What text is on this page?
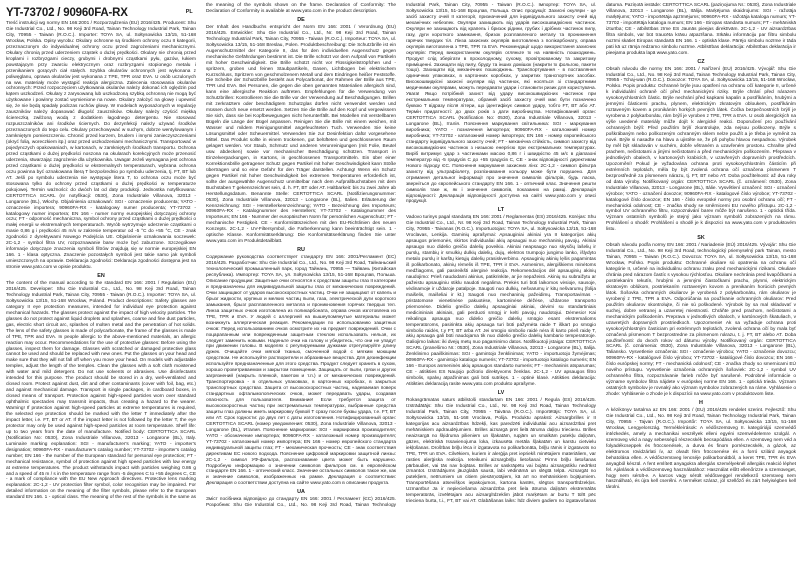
YT-73702 / 90960FA-RX	PL

Treść instrukcji wg normy EN 166:2001 / Rozporządzenia (EU) 2016/425. Producent: Shu Gie Industrial Co., Ltd., No. 98 Keji 3rd Road, Tainan Technology Industrial Park, Tainan City, 70955 - Taiwan (R.O.C.). Importer: TOYA SA, ul. Sołtysowicka 13/15, 51-168 Wrocław, Polska. Opisy wyrobu: Okulary ochronne są środkiem ochrony oczu II kategorii, przeznaczonym do indywidualnej ochrony oczu przed zagrożeniami mechanicznymi. Okulary chronią przed uderzeniem cząstek o dużej prędkości. Okulary nie chronią przed kroplami i rozbryzgami cieczy, grubymi i drobnymi cząstkami pyłu, gazów, łukiem powstającym przy zwarciu elektrycznym oraz rozbryzgami stopionego metalu i przenikaniem gorących ciał stałych. Szybka okularów ochronnych jest wykonana z poliwęglanu, oprawa okularów jest wykonana z TPE, TPR oraz EVA. U osób uczulonych na ww. materiały może wystąpić reakcja alergiczna. Zalecenia stosowania okularów ochronnych: Przed rozpoczęciem użytkowania okularów należy dokonać ich oględzin pod kątem uszkodzeń. Okulary z zarysowaną lub uszkodzoną szybką ochronną nie mogą być użytkowane i powinny zostać wymienione na nowe. Okulary założyć na głowę i upewnić się, że nie będą spadały podczas ruchów głowy. W modelach wyposażonych w regulację zauszników należy dopasować długość zauszników. Okulary należy czyścić miękką ściereczką zwilżoną wodą z dodatkiem łagodnego detergentu. Nie stosować rozpuszczalników ani środków ściernych. Do dezynfekcji należy używać środków przeznaczonych do tego celu. Okulary przechowywać w suchym, dobrze wentylowanym i zamkniętym pomieszczeniu. Chronić przed kurzem, brudem i innymi zanieczyszczeniami (okryć folią, woreczkiem itp.) oraz przed uszkodzeniami mechanicznymi. Transportować w pojedynczych opakowaniach, w kartonach, w zamkniętych środkach transportu. Ochrona przed cząstkami o dużej prędkości noszona na okularach korekcyjnych może przenosić uderzenia, stwarzając zagrożenie dla użytkownika. Uwaga! Jeżeli wymagana jest ochrona przed cząstkami o dużej prędkości w ekstremalnych temperaturach, wybrana ochrona oczu powinna być oznakowana literą T bezpośrednio po symbolu uderzenia, tj. FT, BT lub AT. Jeśli po symbolu uderzenia nie występuje litera T, to ochrona oczu może być stosowana tylko do ochrony przed cząstkami o dużej prędkości w temperaturze pokojowej. Termin ważności: do dwóch lat od daty produkcji. Jednostka notyfikowana: CERTOTTICA SCARL (nr notyfikacji: 0530), Zona Industriale Villanova, 32013 - Longarone (BL), Włochy. Objaśnienia oznakowań: SGI - oznaczenie producenta; YATO - oznaczenie importera; 90960FA-RX - katalogowy numer producenta; YT-73702 - katalogowy numer importera; EN 166 - numer normy europejskiej dotyczącej ochrony oczu; FT - odporność mechaniczna, symbol ochrony przed cząstkami o dużej prędkości o małej energii w ekstremalnych temperaturach. Wyrób wytrzymuje uderzenie cząstkami o masie 0,86 g i prędkości 45 m/s w zakresie temperatur od -5 °C do +55 °C, CE - znak zgodności z dyrektywami Nowego Podejścia UE. Objaśnienie oznakowania soczewek: 2C-1,2 - symbol filtra UV, rozpoznawanie barw może być zaburzone. Szczegółowe informacje dotyczące znaczenia symboli filtrów znajdują się w normie europejskiej EN 166. 1 - klasa optyczna. Znaczenie pozostałych symboli jest takie samo jak symboli umieszczonych na oprawie. Deklaracja zgodności: Deklaracja zgodności dostępna jest na stronie www.yato.com w opisie produktu.

EN

The content of the manual according to the standard EN 166: 2001 / Regulation (EU) 2016/425. Developer: Shu Gie Industrial Co., Ltd., No. 98 Keji 3rd Road, Tainan Technology Industrial Park, Tainan City, 70955 - Taiwan (R.O.C.). Importer: TOYA SA, ul. Sołtysowicka 13/15, 51-168 Wrocław, Poland. Product descriptions: Safety glasses are category II eye protection measures, intended for individual eye protection against mechanical hazards. The glasses protect against the impact of high velocity particles. The glasses do not protect against liquid droplets and splashes, coarse and fine dust particles, gas, electric short circuit arc, splashes of molten metal and the penetration of hot solids. The lens of the safety glasses is made of polycarbonate, the frame of the glasses is made of TPE, TPR and EVA. In people allergic to the above-mentioned materials, an allergic reaction may occur. Recommendations for the use of protective glasses: Before using the glasses, inspect them for damage. Glasses with scratched or damaged protective glass cannot be used and should be replaced with new ones. Put the glasses on your head and make sure that they will not fall off when you move your head. On models with adjustable temples, adjust the length of the temples. Clean the glasses with a soft cloth moistened with water and mild detergent. Do not use solvents or abrasives. Use disinfectants intended for this purpose. The product should be stored in a dry, well-ventilated and closed room. Protect against dust, dirt and other contaminants (cover with foil, bag, etc.) and against mechanical damage. Transport in single packages, in cardboard boxes, in closed means of transport. Protection against high-speed particles worn over standard ophthalmic spectacles may transmit impacts, thus creating a hazard to the wearer. Warning! If protection against high-speed particles at extreme temperatures is required, the selected eye protection should be marked with the letter T immediately after the impact letter, i.e. FT, BT or AT. If the impact letter is not followed by the letter T, the eye protector may only be used against high-speed particles at room temperature. Shelf life: up to two years from the date of manufacture. Notified body: CERTOTTICA SCARL (Notification No: 0530), Zona Industriale Villanova, 32013 - Longarone (BL), Italy. Luminaire marking explanation: SGI - manufacturer's marking; YATO - importer's designation; 90960FA-RX - manufacturer's catalog number; YT-73702 - importer's catalog number; EN 166 - the number of the European standard for personal eye protection; FT - mechanical resistance, symbol of protection against high speed particles with low energy at extreme temperatures. The product withstands impact with particles weighing 0.86 g and a speed of 45 m / s in the temperature range from -5 degrees C to +55 degrees C, CE - a mark of compliance with the EU New Approach directives. Protective lens marking explanation: 2C-1,2 - UV protection filter symbol, color recognition may be impaired. For detailed information on the meaning of the filter symbols, please refer to the European standard EN 166. 1 - optical class. The meaning of the rest of the symbols is the same as the meaning of the symbols shown on the frame. Declaration of Conformity: The Declaration of Conformity is available at www.yato.com in the product description.

DE

Der Inhalt des Handbuchs entspricht der Norm EN 166: 2001 / Verordnung (EU) 2016/425. Entwickler: Shu Gie Industrial Co., Ltd., Nr. 98 Keji 3rd Road, Tainan Technology Industrial Park, Tainan City, 70955 - Taiwan (R.O.C.). Importeur: TOYA SA, ul. Sołtysowicka 13/15, 51-168 Breslau, Polen. Produktbeschreibung: Die Schutzbrille ist ein Augenschutzmittel der Kategorie II, das für den individuellen Augenschutz gegen mechanische Gefährdungen bestimmt ist. Die Brille schützt vor dem Aufprall von Partikeln mit hoher Geschwindigkeit. Die Brille schützt nicht vor Flüssigkeitströpfchen und -spritzern, groben und feinen Staubpartikeln, Gasen, Lichtbogen bei elektrischem Kurzschluss, Spritzern von geschmolzenem Metall und dem Eindringen heißer Feststoffe. Die Scheibe der Schutzbrille besteht aus Polycarbonat, der Rahmen der Brille aus TPE, TPR und EVA. Bei Personen, die gegen die oben genannten Materialien allergisch sind, kann eine allergische Reaktion auftreten. Empfehlungen für die Verwendung von Schutzbrillen: Kontrollieren Sie die Brille vor der Verwendung auf Beschädigungen. Brillen mit zerkratztem oder beschädigtem Schutzglas dürfen nicht verwendet werden und müssen durch neue ersetzt werden. Setzen Sie die Brille auf den Kopf und vergewissern Sie sich, dass sie bei Kopfbewegungen nicht herunterfällt. Bei Modellen mit verstellbaren Bügeln die Länge der Bügel anpassen. Reinigen Sie die Brille mit einem weichen, mit Wasser und mildem Reinigungsmittel angefeuchteten Tuch. Verwenden Sie keine Lösungsmittel oder Scheuermittel. Verwenden Sie zur Desinfektion dafür vorgesehene Mittel. Das Produkt sollte in einem trockenen, gut belüfteten und geschlossenen Raum gelagert werden. Vor Staub, Schmutz und anderen Verunreinigungen (mit Folie, Beutel usw. abdecken) sowie vor mechanischer Beschädigung schützen. Transport in Einzelverpackungen, in Kartons, in geschlossenen Transportmitteln. Ein über einer Korrektionsbrille getragener Schutz gegen Partikel mit hoher Geschwindigkeit kann Stöße übertragen und so eine Gefahr für den Träger darstellen. Achtung! Wenn ein Schutz gegen Partikel mit hoher Geschwindigkeit bei extremen Temperaturen erforderlich ist, sollte der ausgewählte Augenschutz unmittelbar nach dem Aufprallbuchstaben mit dem Buchstaben T gekennzeichnet sein, d. h. FT, BT oder AT. Haltbarkeit: bis zu zwei Jahre ab Herstellungsdatum. Benannte Stelle: CERTOTTICA SCARL (Notifizierungsnummer: 0530), Zona Industriale Villanova, 32013 - Longarone (BL), Italien. Erläuterung der Kennzeichnung: SGI - Herstellerkennzeichnung; YATO - Bezeichnung des Importeurs; 90960FA-RX - Katalognummer des Herstellers; YT-73702 - Katalognummer des Importeurs; EN 166 - Nummer der europäischen Norm für persönlichen Augenschutz; FT - mechanische Festigkeit. CE - Konformitätszeichen mit den EU-Richtlinien des neuen Konzepts. 2C-1,2 - UV-Filtersymbol, die Farberkennung kann beeinträchtigt sein. 1 - optische Klasse. Konformitätserklärung: Die Konformitätserklärung finden Sie unter www.yato.com im Produktdetailblatt.

RU

Содержание руководства соответствует стандарту EN 166: 2001/Регламент (ЕС) 2016/425. Разработчик: Shu Gie Industrial Co., Ltd., No. 98 Keji 3rd Road, Тайнаньский технологический промышленный парк, город Тайнань, 70955 — Тайвань (Китайская республика). Импортер: TOYA SA, ул. Sołtysowicka 13/15, 51-168 Вроцлав, Польша. Описание продукции: Защитные очки относятся к средствам защиты глаз II категории и предназначены для индивидуальной защиты глаз от механических повреждений. Очки защищают от ударов высокоскоростных частиц. Очки не защищают от капель и брызг жидкости, крупных и мелких частиц пыли, газа, электрической дуги короткого замыкания, брызг расплавленного металла и проникновения горячих твердых тел. Линза защитных очков изготовлена из поликарбоната, оправа очков изготовлена из TPE, TPR и EVA. У людей с аллергией на вышеупомянутые материалы может возникнуть аллергическая реакция. Рекомендации по использованию защитных очков: Перед использованием очков осмотрите их на предмет повреждений. Очки с поцарапанным или поврежденным защитным стеклом использовать нельзя, их следует заменить новыми. Наденьте очки на голову и убедитесь, что они не упадут при движении головы. В моделях с регулируемыми дужками отрегулируйте длину дужек. Очищайте очки мягкой тканью, смоченной водой с мягким моющим средством. Не используйте растворители и абразивные вещества. Для дезинфекции используйте предназначенные для этого средства. Продукт следует хранить в сухом, хорошо проветриваемом и закрытом помещении. Защищать от пыли, грязи и других загрязнений (накрыть пленкой, пакетом и т.п.) и от механических повреждений. Транспортировка - в отдельных упаковках, в картонных коробках, в закрытых транспортных средствах. Защита от высокоскоростных частиц, надеваемая поверх стандартных офтальмологических очков, может передавать удары, создавая опасность для пользователя. Внимание! Если требуется защита от высокоскоростных частиц при экстремальных температурах, выбранные средства защиты глаз должны иметь маркировку буквой Т сразу после буквы удара, т.е. FT, BT или AT. Срок годности: до двух лет с даты изготовления. Нотифицированный орган: CERTOTTICA SCARL (номер уведомления: 0530), Zona Industriale Villanova, 32013 - Longarone (BL), Италия. Пояснение маркировки: SGI - маркировка производителя; YATO - обозначение импортера; 90960FA-RX - каталожный номер производителя; YT-73702 - каталожный номер импортера; EN 166 - номер европейского стандарта индивидуальной защиты глаз; FT - механическая прочность; CE - знак соответствия директивам ЕС нового подхода. Пояснение цифровой маркировки защитной линзы: 2C-1,2 - символ УФ-фильтра, распознавание цвета может быть нарушено. Подробную информацию о значении символов фильтров см. в европейском стандарте EN 166. 1 - оптический класс. Значение остальных символов такое же, как и значение символов, изображенных на рамке. Декларация о соответствии: Декларация о соответствии доступна на сайте www.yato.com в описании продукта.

UA

Зміст посібника відповідно до стандарту EN 166: 2001 / Регламент (ЄС) 2016/425. Розробник: Shu Gie Industrial Co., Ltd., No. 98 Keji 3rd Road, Tainan Technology Industrial Park, Tainan City, 70955 - Taiwan (R.O.C.). Імпортер: TOYA SA, ul. Sołtysowicka 13/15, 51-168 Вроцлав, Польща. Опис продукції: Захисні окуляри - це засіб захисту очей II категорії, призначений для індивідуального захисту очей від механічних небезпек. Окуляри захищають від ударів високошвидкісних частинок. Окуляри не захищають від крапель і бризок рідини, грубих і дрібних частинок пилу, газу, дуги короткого замикання, бризок розплавленого металу та проникнення гарячих твердих тіл. Лінза захисних окулярів виготовлена з полікарбонату, оправа окулярів виготовлена з TPE, TPR та EVA. Рекомендації щодо використання захисних окулярів: Перед використанням окулярів огляньте їх на наявність пошкоджень. Продукт слід зберігати в прохолодному, сухому, провітрюваному та закритому приміщенні. Захищати від пилу, бруду та інших домішок (накрити їх фольгою, пакети тощо). Захищати від механічних пошкоджень. Транспортування - в поставляння одиничних упаковках, в картонних коробках, у закритих транспортних засобах. Високошвидкісні захисні окуляри від частинок, які носяться зі стандартними медичними окулярами, можуть передавати удари і становити ризик для користувача. Увага! Якщо потрібний захист від удару високошвидкісних частинок при екстремальних температурах, обраний засіб захисту очей має бути позначено буквою T відразу після літери, що ідентифікує символ удару, тобто FT, BT або AT. Термін придатності: до двох років з дати виробництва. Нотифікований орган: CERTOTTICA SCARL (Notification No: 0530), Zona Industriale Villanova, 32013 - Longarone (BL), Італія. Пояснення маркування світильника: SGI - маркування виробника; YATO - позначення імпортера; 90960FA-RX - каталожний номер виробника; YT-73702 - каталожний номер імпортера; EN 166 - номер європейського стандарту індивідуального захисту очей; FT - механічна стійкість, символ захисту від високошвидкісних частинок з низькою енергією при екстремальних температурах. Виріб витримує удар з частинками масою 0,86 г і швидкістю 45 м/с в діапазоні температур від -5 градусів С до +55 градусів С, CE - знак відповідності директивам Нового підходу ЄС. Пояснення маркування захисних лінз: 2C-1,2 - символ фільтра захисту від ультрафіолету, розпізнавання кольору може бути порушено. Для отримання детальної інформації про значення символів фільтрів, будь ласка, зверніться до європейського стандарту EN 166. 1 - оптичний клас. Значення решти символів таке ж, як і значення символів, показаних на рамці. Декларація відповідності: Декларація відповідності доступна на сайті www.yato.com у описі продукції.

LT

Vadovo turinys pagal standartą EN 166: 2001 / Reglamentas (ES) 2016/425. Kūrėjas: Shu Gie Industrial Co., Ltd., Nr. 98 Keji 3rd Road, Tainan Technology Industrial Park, Tainan City, 70955 - Taivanas (R.O.C.). Importuotojas: TOYA SA, ul. Sołtysowicka 13/15, 51-168 Vroclavas, Lenkija. Gaminių aprašymai: Apsauginiai akiniai yra II kategorijos akių apsaugos priemonės, skirtos individualiai akių apsaugai nuo mechaninių pavojų. Akiniai apsaugo nuo didelio greičio dalelių poveikio. Akiniai neapsaugo nuo skysčių lašelių ir purslų, stambių ir smulkių dulkių dalelių, dujų, elektros trumpojo jungimo lanko, išlydyto metalo purslų ir karštų kietųjų dalelių prasiskverbimo. Apsauginių akinių lęšis pagamintas iš polikarbonato, akinių rėmelis iš TPE, TPR ir EVA. Asmenims, alergiškiems minėtoms medžiagoms, gali pasireikšti alerginė reakcija. Rekomendacijos dėl apsauginių akinių naudojimo: Prieš naudodami akinius, patikrinkite, ar jie nepažeisti. Akinių su subraižytu ar pažeistu apsauginiu stiklu naudoti negalima. Prekės turi būti laikomos vėsioje, sausoje, vėdinamoje ir uždaroje patalpoje. Saugoti nuo dulkių, nešvarumų ir kitų nešvarumų (folija maišelis, maišeliai ir kt.) Saugoti nuo mechaninių pažeidimų. Transportavimas - pristatomose vienetinėse pakuotėse, kartoninėse dėžėse, uždarose transporto priemonėse. Didelio greičio dalelių apsauginiai akiniai, dėvimi su standartiniais medicininiais akiniais, gali perduoti smūgį ir kelti pavojų naudotojui. Dėmesio! Kai reikalinga apsauga nuo didelio greičio dalelių smūgio esant ekstremalioms temperatūroms, pasirinkta akių apsauga turi būti pažymėta raide T iškart po smūgio simbolio raidės, t.y FT, BT arba AT. Jei smūgio simbolio raidė nėra iš karto prieš raidę T, akių apsauga gali būti naudojama tik nuo didelio greičio dalelių kambario temperatūroje. Galiojimo laikas: iki dvejų metų nuo pagaminimo datos. Notifikuotoji įstaiga: CERTOTTICA SCARL (pranešimo Nr.: 0530), Zona Industriale Villanova, 32013 - Longarone (BL), Italija. Ženklinimo paaiškinimas: SGI - gamintojo ženklinimas; YATO - importuotojo žymėjimas; 90960FA-RX - gamintojo katalogo numeris; YT-73702 - importuotojo katalogo numeris; EN 166 - Europos asmeninės akių apsaugos standarto numeris; FT - mechaninis atsparumas; CE - atitikties ES Naujojo požiūrio direktyvoms ženklas. 2C-1,2 - UV apsaugos filtro simbolis, spalvų atpažinimas gali būti sutrikęs. 1 - optinė klasė. Atitikties deklaracija: Atitikties deklaraciją rasite www.yato.com produkto aprašyme.

LV

Rokasgrāmatas saturs atbilstoši standartam EN 166: 2001 / Regula (ES) 2016/425. Izstrādātājs: Shu Gie Industrial Co., Ltd., Nr. 98 Keji 3rd Road, Tainan Technology Industrial Park, Tainan City, 70955 - Taivāna (R.O.C.). Importētājs: TOYA SA, ul. Sołtysowicka 13/15, 51-168 Vroclava, Polija. Produktu apraksti: Aizsargbrilles ir II kategorijas acu aizsardzības līdzekļi, kas paredzēti individuālai acu aizsardzībai pret mehāniskiem apdraudējumiem. Brilles aizsargā pret lielā ātruma daļiņu triecienu. Brilles neaizsargā no šķidruma pilieniem un šļakatām, rupjām un smalkām putekļu daļiņām, gāzes, elektriskā īssavienojuma loka, izkausēta metāla šļakatām un karstu cietvielu iekļūšanas. Drošības briļļu lēca ir izgatavota no polikarbonāta, briļļu rāmis ir izgatavots no TPE, TPR un EVA. Cilvēkiem, kuriem ir alerģija pret iepriekš minētajiem materiāliem, var rasties alerģiska reakcija. Ieteikumi aizsargbriļļu lietošanai: Pirms briļļu lietošanas pārbaudiet, vai tās nav bojātas. Brilles ar saskrāpētu vai bojātu aizsargstiklu nedrīkst izmantot. Izstrādājums jāuzglabā sausā, labi vēdināmā un slēgtā telpā. Aizsargāt no putekļiem, netīrumiem un citiem piesārņotājiem, kā arī no mehāniskiem bojājumiem. Transportēšana atsevišķos iepakojumos, kartona kastēs, slēgtos transportlīdzekļos. Uzmanību! Ja ir nepieciešama aizsardzība pret liela ātruma daļiņām ekstremālās temperatūrās, izvēlētajam acu aizsarglīdzeklim jābūt marķētam ar burtu T tūlīt pēc trieciena burta, t.i., FT, BT vai AT. Glabāšanas laiks: līdz diviem gadiem no izgatavošanas datuma. Paziņotā iestāde: CERTOTTICA SCARL (paziņojuma Nr.: 0530), Zona Industriale Villanova, 32013 - Longarone (BL), Itālija. Marķējuma skaidrojums: SGI - ražotāja marķējums; YATO - importētāja apzīmējums; 90960FA-RX - ražotāja kataloga numurs; YT-73702 - importētāja kataloga numurs; EN 166 - Eiropas standarta numurs; FT - mehāniskā izturība; CE - atbilstības zīme ES Jaunās pieejas direktīvām. 2C-1,2 - UV aizsardzības filtra simbols, var būt traucēta krāsu atpazīšana. Sīkāku informāciju par filtru simbolu nozīmi skatiet Eiropas standartā EN 166. 1 - optiskā klase. Pārējo simbolu nozīme ir tāda pati kā uz rāmja redzamo simbolu nozīme. Atbilstības deklarācija: Atbilstības deklarācija ir pieejama produkta lapā www.yato.com.

CZ

Obsah návodu dle normy EN 166: 2001 / Nařízení (EU) 2016/425. Vývojář: Shu Gie Industrial Co., Ltd., No. 98 Keji 3rd Road, Tainan Technology Industrial Park, Tainan City, 70955 - Tchaj-wan (R.O.C.). Dovozce: TOYA SA, ul. Sołtysowicka 13/15, 51-168 Wrocław, Polsko. Popis produktu: Ochranné brýle jsou opatření na ochranu očí kategorie II, určené k individuální ochraně očí před mechanickými riziky. Brýle chrání před nárazem vysokorychlostních částic. Brýle nechrání před kapkami kapalin a postříkáním, hrubými a jemnými částicemi prachu, plynem, elektrickým zkratovým obloukem, postříkáním roztaveným kovem a pronikáním horkých pevných látek. Čočka bezpečnostních brýlí je vyrobena z polykarbonátu, rám brýlí je vyroben z TPE, TPR a EVA. U osob alergických na výše uvedené materiály může dojít k alergické reakci. Doporučení pro používání ochranných brýlí: Před použitím brýlí zkontrolujte, zda nejsou poškozeny. Brýle s poškrábaným nebo poškozeným ochranným sklem nelze použít a je třeba je vyměnit za nové. Brýle si nasaďte na hlavu a ujistěte se, že při pohybu hlavou nespadnou. Výrobek by měl být skladován v suchém, dobře větraném a uzavřeném prostoru. Chraňte před prachem, nečistotami a jinými nečistotami a před mechanickým poškozením. Přeprava v jednotlivých obalech, v kartonových krabicích, v uzavřených dopravních prostředcích. Upozornění! Pokud je vyžadována ochrana proti vysokorychlostním částicím při extrémních teplotách, měla by být zvolená ochrana očí označena písmenem T bezprostředně za písmenem nárazu, tj. FT, BT nebo AT. Doba použitelnosti: až dva roky od data výroby. Notifikovaný orgán: CERTOTTICA SCARL (č. oznámení: 0530), Zona Industriale Villanova, 32013 - Longarone (BL), Itálie. Vysvětlení označení: SGI - označení výrobce; YATO - označení dovozce; 90960FA-RX - katalogové číslo výrobce; YT-73702 - katalogové číslo dovozce; EN 166 - číslo evropské normy pro osobní ochranu očí; FT - mechanická odolnost; CE - značka shody se směrnicemi EU nového přístupu. 2C-1,2 - symbol UV ochranného filtru, rozpoznávání barev může být narušeno. 1 - optická třída. Význam ostatních symbolů je stejný jako význam symbolů zobrazených na rámu. Prohlášení o shodě: Prohlášení o shodě je k dispozici na www.yato.com v produktovém listu.

SK

Obsah návodu podľa normy EN 166: 2001 / Nariadenie (EÚ) 2016/425. Vývojár: Shu Gie Industrial Co., Ltd., No. 98 Keji 3rd Road, technologický priemyselný park Tainan, mesto Tainan, 70955 – Taiwan (R.O.C.). Dovozca: TOYA SA, ul. Sołtysowicka 13/15, 51-168 Wrocław, Poľsko. Popis produktu: Ochranné okuliare sú opatrenia na ochranu očí kategórie II, určené na individuálnu ochranu zraku pred mechanickými rizikami. Okuliare chránia pred nárazom častíc s vysokou rýchlosťou. Okuliare nechránia pred kvapôčkami a postriekaním tekutín, hrubými a jemnými čiastočkami prachu, plynmi, elektrickým skratovým oblúkom, postriekaním roztaveným kovom a prenikaním horúcich pevných látok. Šošovka ochranných okuliarov je vyrobená z polykarbonátu, rám okuliarov je vyrobený z TPE, TPR a EVA. Odporúčania na používanie ochranných okuliarov: Pred použitím okuliarov skontrolujte, či nie sú poškodené. Výrobok by sa mal skladovať v suchej, dobre vetranej a uzavretej miestnosti. Chráňte pred prachom, nečistotami a mechanickým poškodením. Preprava v jednotlivých obaloch, v kartónových škatuliach, v uzavretých dopravných prostriedkoch. Upozornenie! Ak sa vyžaduje ochrana proti vysokorýchlostným časticiam pri extrémnych teplotách, zvolená ochrana očí by mala byť označená písmenom T bezprostredne za písmenom nárazu, t. j. FT, BT alebo AT. Doba použiteľnosti: do dvoch rokov od dátumu výroby. Notifikovaný orgán: CERTOTTICA SCARL (č. oznámenia: 0530), Zona Industriale Villanova, 32013 - Longarone (BL), Taliansko. Vysvetlenie označenia: SGI - označenie výrobcu; YATO - označenie dovozcu; 90960FA-RX - katalógové číslo výrobcu; YT-73702 - katalógové číslo dovozcu; EN 166 - číslo európskej normy; FT - mechanická odolnosť; CE - značka zhody so smernicami EÚ nového prístupu. Vysvetlenie označenia ochranných šošoviek: 2C-1,2 - symbol UV ochranného filtra, rozpoznávanie farieb môže byť narušené. Podrobné informácie o význame symbolov filtra nájdete v európskej norme EN 166. 1 - optická trieda. Význam ostatných symbolov je rovnaký ako význam symbolov zobrazených na ráme. Vyhlásenie o zhode: Vyhlásenie o zhode je k dispozícii na www.yato.com v produktovom liste.

H

A kézikönyv tartalma az EN 166: 2001 / (EU) 2016/425 rendelet szerint. Fejlesztő: Shu Gie Industrial Co., Ltd., No. 98 Keji 3rd Road, Tainan Technology Industrial Park, Tainan City, 70955 - Tajvan (R.O.C.). Importőr: TOYA SA, ul. Sołtysowicka 13/15, 51-168 Wrocław, Lengyelország. Termékleírások: A védőszemüveg II. kategóriájú szemvédő intézkedés, amely a mechanikai veszélyek elleni egyéni szemvédelemre szolgál. A szemüveg véd a nagy sebességű részecskék becsapódása ellen. A szemüveg nem véd a folyadékcseppek és fröccsenések, a durva és finom porrészecskék, a gázok, az elektromos rövidzárlati ív, az olvadt fém fröccsenése és a forró szilárd anyagok behatolása ellen. A védőszemüveg lencséje polikarbonátból, a keret TPE, TPR és EVA anyagból készül. A fent említett anyagokra allergiás személyeknél allergiás reakció léphet fel. Ajánlások a védőszemüveg használatához: Használat előtt ellenőrizze a szemüveget, hogy nem sérült-e. A karcos vagy sérült védőüveggel rendelkező szemüveg nem használható, és újra kell cserélni. A terméket száraz, jól szellőző és zárt helyiségben kell tárolni.
